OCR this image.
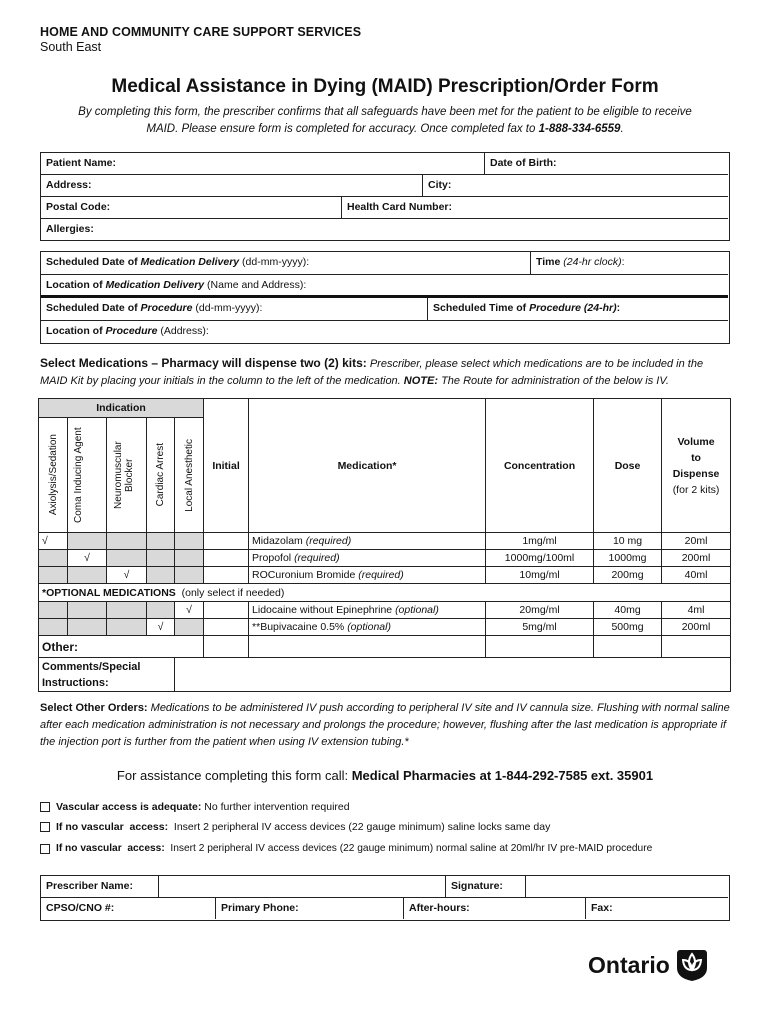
HOME AND COMMUNITY CARE SUPPORT SERVICES
South East
Medical Assistance in Dying (MAID) Prescription/Order Form
By completing this form, the prescriber confirms that all safeguards have been met for the patient to be eligible to receive
MAID. Please ensure form is completed for accuracy. Once completed fax to 1-888-334-6559.
Patient Name:	Date of Birth:
Address:	City:
Postal Code:	Health Card Number:
Allergies:
Scheduled Date of Medication Delivery (dd-mm-yyyy):	Time (24-hr clock):
Location of Medication Delivery (Name and Address):
Scheduled Date of Procedure (dd-mm-yyyy):	Scheduled Time of Procedure (24-hr):
Location of Procedure (Address):
Select Medications – Pharmacy will dispense two (2) kits: Prescriber, please select which medications are to be included in the
MAID Kit by placing your initials in the column to the left of the medication. NOTE: The Route for administration of the below is IV.
Indication					Initial	Medication*	Concentration	Dose	Volume
to
Dispense
(for 2 kits)

Axiolysis/Sedation	Coma Inducing Agent	Neuromuscular Blocker	Cardiac Arrest	Local Anesthetic					

√						Midazolam (required)	1mg/ml	10 mg	20ml
	√					Propofol (required)	1000mg/100ml	1000mg	200ml
		√				ROCuronium Bromide (required)	10mg/ml	200mg	40ml
*OPTIONAL MEDICATIONS  (only select if needed)									
				√		Lidocaine without Epinephrine (optional)	20mg/ml	40mg	4ml
			√			**Bupivacaine 0.5% (optional)	5mg/ml	500mg	200ml
Other:									
Comments/Special
Instructions:									
Select Other Orders: Medications to be administered IV push according to peripheral IV site and IV cannula size. Flushing with normal saline after each medication administration is not necessary and prolongs the procedure; however, flushing after the last medication is appropriate if the injection port is further from the patient when using IV extension tubing.*
For assistance completing this form call: Medical Pharmacies at 1-844-292-7585 ext. 35901
Vascular access is adequate: No further intervention required
If no vascular  access:  Insert 2 peripheral IV access devices (22 gauge minimum) saline locks same day
If no vascular  access:  Insert 2 peripheral IV access devices (22 gauge minimum) normal saline at 20ml/hr IV pre-MAID procedure
Prescriber Name:	Signature:
CPSO/CNO #:	Primary Phone:	After-hours:	Fax:
Ontario
